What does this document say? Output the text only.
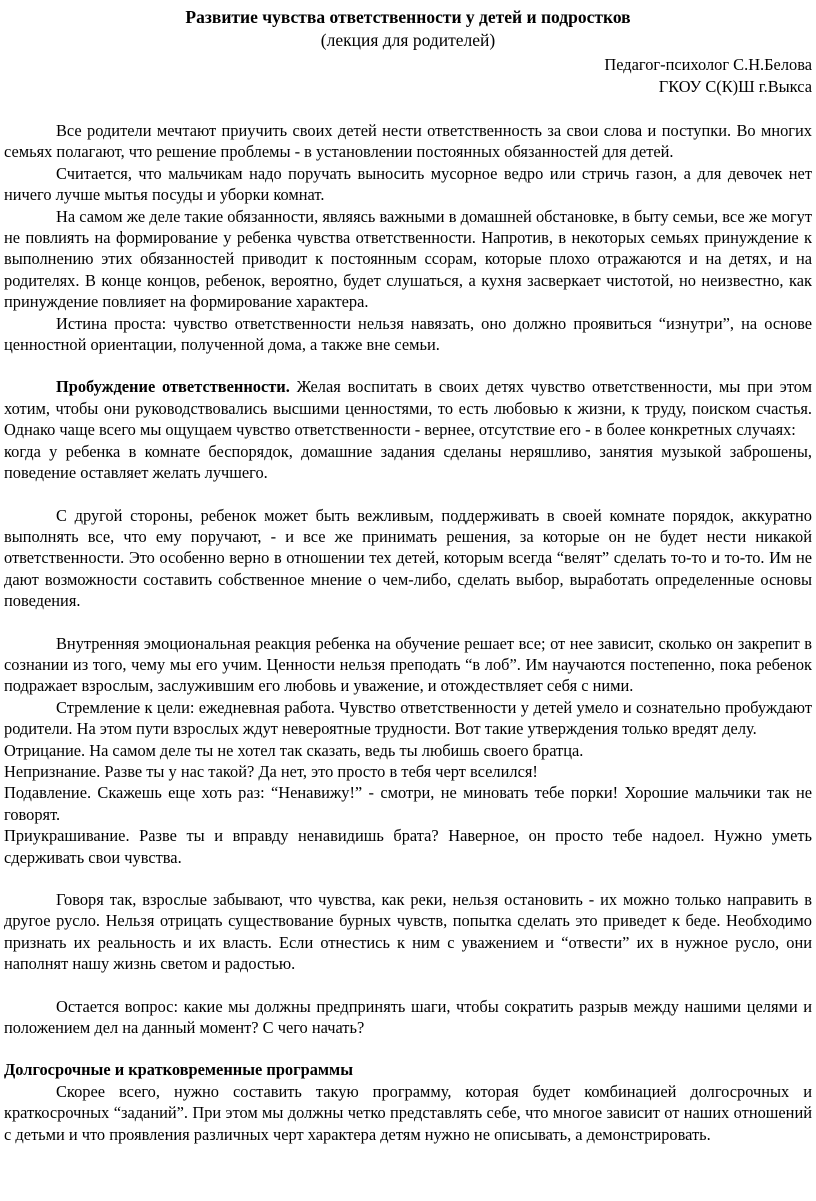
Развитие чувства ответственности у детей и подростков
(лекция для родителей)
Педагог-психолог С.Н.Белова
ГКОУ С(К)Ш г.Выкса

Все родители мечтают приучить своих детей нести ответственность за свои слова и поступки. Во многих семьях полагают, что решение проблемы - в установлении постоянных обязанностей для детей.

Считается, что мальчикам надо поручать выносить мусорное ведро или стричь газон, а для девочек нет ничего лучше мытья посуды и уборки комнат.

На самом же деле такие обязанности, являясь важными в домашней обстановке, в быту семьи, все же могут не повлиять на формирование у ребенка чувства ответственности. Напротив, в некоторых семьях принуждение к выполнению этих обязанностей приводит к постоянным ссорам, которые плохо отражаются и на детях, и на родителях. В конце концов, ребенок, вероятно, будет слушаться, а кухня засверкает чистотой, но неизвестно, как принуждение повлияет на формирование характера.

Истина проста: чувство ответственности нельзя навязать, оно должно проявиться “изнутри”, на основе ценностной ориентации, полученной дома, а также вне семьи.

Пробуждение ответственности. Желая воспитать в своих детях чувство ответственности, мы при этом хотим, чтобы они руководствовались высшими ценностями, то есть любовью к жизни, к труду, поиском счастья. Однако чаще всего мы ощущаем чувство ответственности - вернее, отсутствие его - в более конкретных случаях:

когда у ребенка в комнате беспорядок, домашние задания сделаны неряшливо, занятия музыкой заброшены, поведение оставляет желать лучшего.

С другой стороны, ребенок может быть вежливым, поддерживать в своей комнате порядок, аккуратно выполнять все, что ему поручают, - и все же принимать решения, за которые он не будет нести никакой ответственности. Это особенно верно в отношении тех детей, которым всегда “велят” сделать то-то и то-то. Им не дают возможности составить собственное мнение о чем-либо, сделать выбор, выработать определенные основы поведения.

Внутренняя эмоциональная реакция ребенка на обучение решает все; от нее зависит, сколько он закрепит в сознании из того, чему мы его учим. Ценности нельзя преподать “в лоб”. Им научаются постепенно, пока ребенок подражает взрослым, заслужившим его любовь и уважение, и отождествляет себя с ними.

Стремление к цели: ежедневная работа. Чувство ответственности у детей умело и сознательно пробуждают родители. На этом пути взрослых ждут невероятные трудности. Вот такие утверждения только вредят делу.

Отрицание. На самом деле ты не хотел так сказать, ведь ты любишь своего братца.

Непризнание. Разве ты у нас такой? Да нет, это просто в тебя черт вселился!

Подавление. Скажешь еще хоть раз: “Ненавижу!” - смотри, не миновать тебе порки! Хорошие мальчики так не говорят.

Приукрашивание. Разве ты и вправду ненавидишь брата? Наверное, он просто тебе надоел. Нужно уметь сдерживать свои чувства.

Говоря так, взрослые забывают, что чувства, как реки, нельзя остановить - их можно только направить в другое русло. Нельзя отрицать существование бурных чувств, попытка сделать это приведет к беде. Необходимо признать их реальность и их власть. Если отнестись к ним с уважением и “отвести” их в нужное русло, они наполнят нашу жизнь светом и радостью.

Остается вопрос: какие мы должны предпринять шаги, чтобы сократить разрыв между нашими целями и положением дел на данный момент? С чего начать?

Долгосрочные и кратковременные программы

Скорее всего, нужно составить такую программу, которая будет комбинацией долгосрочных и краткосрочных “заданий”. При этом мы должны четко представлять себе, что многое зависит от наших отношений с детьми и что проявления различных черт характера детям нужно не описывать, а демонстрировать.
